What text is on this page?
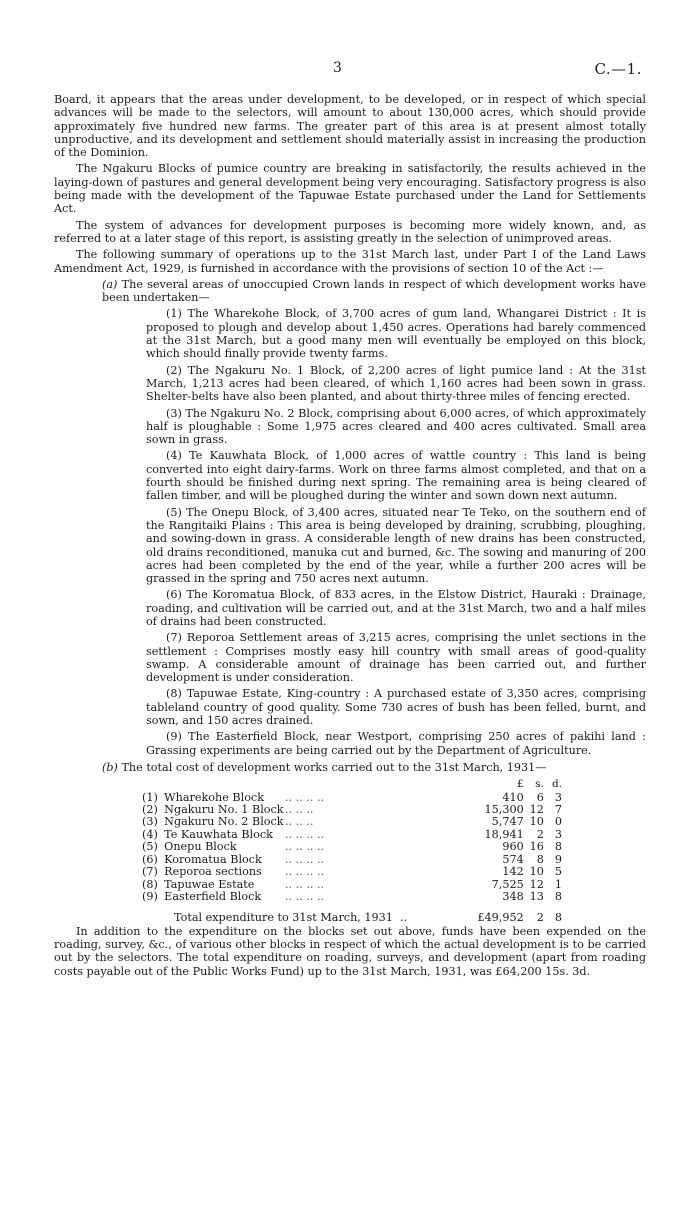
3	C.—1.

Board, it appears that the areas under development, to be developed, or in respect of which special advances will be made to the selectors, will amount to about 130,000 acres, which should provide approximately five hundred new farms. The greater part of this area is at present almost totally unproductive, and its development and settlement should materially assist in increasing the production of the Dominion.

The Ngakuru Blocks of pumice country are breaking in satisfactorily, the results achieved in the laying-down of pastures and general development being very encouraging. Satisfactory progress is also being made with the development of the Tapuwae Estate purchased under the Land for Settlements Act.

The system of advances for development purposes is becoming more widely known, and, as referred to at a later stage of this report, is assisting greatly in the selection of unimproved areas.

The following summary of operations up to the 31st March last, under Part I of the Land Laws Amendment Act, 1929, is furnished in accordance with the provisions of section 10 of the Act :—

(a) The several areas of unoccupied Crown lands in respect of which development works have been undertaken—

(1) The Wharekohe Block, of 3,700 acres of gum land, Whangarei District : It is proposed to plough and develop about 1,450 acres. Operations had barely commenced at the 31st March, but a good many men will eventually be employed on this block, which should finally provide twenty farms.

(2) The Ngakuru No. 1 Block, of 2,200 acres of light pumice land : At the 31st March, 1,213 acres had been cleared, of which 1,160 acres had been sown in grass. Shelter-belts have also been planted, and about thirty-three miles of fencing erected.

(3) The Ngakuru No. 2 Block, comprising about 6,000 acres, of which approximately half is ploughable : Some 1,975 acres cleared and 400 acres cultivated. Small area sown in grass.

(4) Te Kauwhata Block, of 1,000 acres of wattle country : This land is being converted into eight dairy-farms. Work on three farms almost completed, and that on a fourth should be finished during next spring. The remaining area is being cleared of fallen timber, and will be ploughed during the winter and sown down next autumn.

(5) The Onepu Block, of 3,400 acres, situated near Te Teko, on the southern end of the Rangitaiki Plains : This area is being developed by draining, scrubbing, ploughing, and sowing-down in grass. A considerable length of new drains has been constructed, old drains reconditioned, manuka cut and burned, &c. The sowing and manuring of 200 acres had been completed by the end of the year, while a further 200 acres will be grassed in the spring and 750 acres next autumn.

(6) The Koromatua Block, of 833 acres, in the Elstow District, Hauraki : Drainage, roading, and cultivation will be carried out, and at the 31st March, two and a half miles of drains had been constructed.

(7) Reporoa Settlement areas of 3,215 acres, comprising the unlet sections in the settlement : Comprises mostly easy hill country with small areas of good-quality swamp. A considerable amount of drainage has been carried out, and further development is under consideration.

(8) Tapuwae Estate, King-country : A purchased estate of 3,350 acres, comprising tableland country of good quality. Some 730 acres of bush has been felled, burnt, and sown, and 150 acres drained.

(9) The Easterfield Block, near Westport, comprising 250 acres of pakihi land : Grassing experiments are being carried out by the Department of Agriculture.

(b) The total cost of development works carried out to the 31st March, 1931—

			£	s.	d.
(1)	Wharekohe Block	.. .. .. ..	410	6	3
(2)	Ngakuru No. 1 Block	.. .. ..	15,300	12	7
(3)	Ngakuru No. 2 Block	.. .. ..	5,747	10	0
(4)	Te Kauwhata Block	.. .. .. ..	18,941	2	3
(5)	Onepu Block	.. .. .. ..	960	16	8
(6)	Koromatua Block	.. .. .. ..	574	8	9
(7)	Reporoa sections	.. .. .. ..	142	10	5
(8)	Tapuwae Estate	.. .. .. ..	7,525	12	1
(9)	Easterfield Block	.. .. .. ..	348	13	8
Total expenditure to 31st March, 1931 ..			£49,952	2	8

In addition to the expenditure on the blocks set out above, funds have been expended on the roading, survey, &c., of various other blocks in respect of which the actual development is to be carried out by the selectors. The total expenditure on roading, surveys, and development (apart from roading costs payable out of the Public Works Fund) up to the 31st March, 1931, was £64,200 15s. 3d.
